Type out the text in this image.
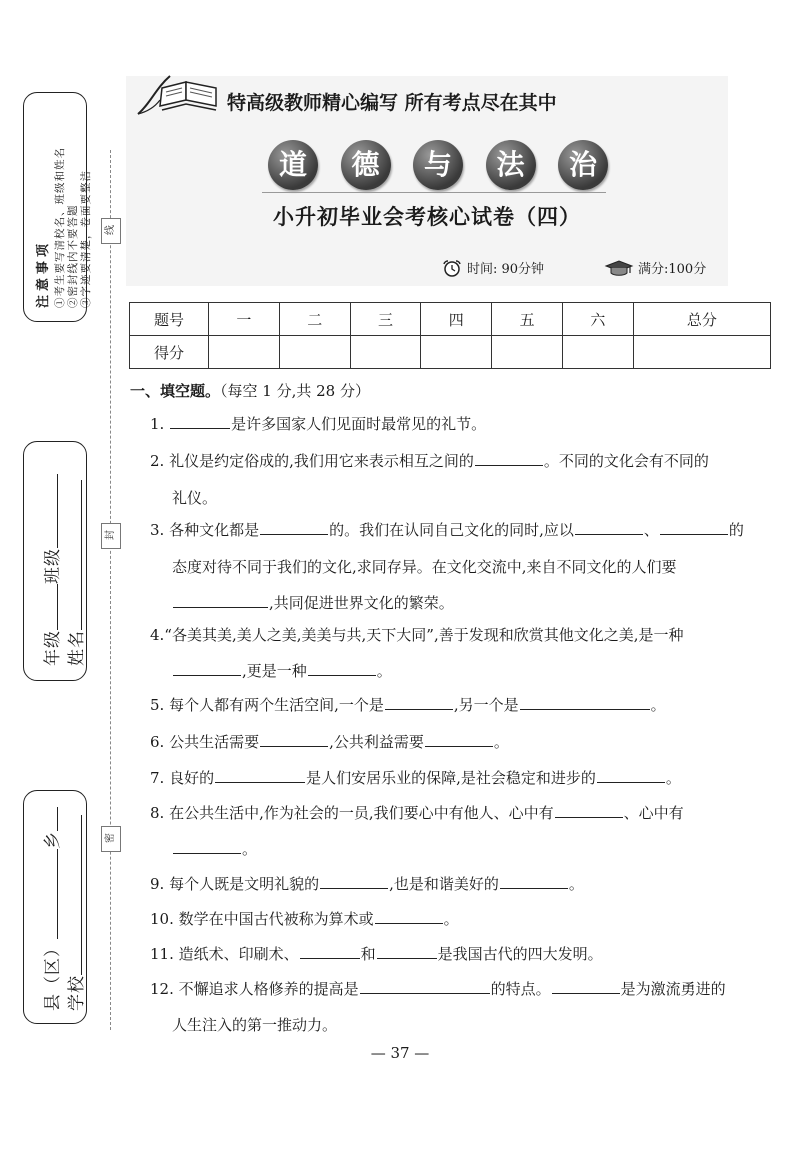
线
封
密
注意事项 ①考生要写清校名、班级和姓名 ②密封线内不要答题 ③字迹要清楚，卷面要整洁
年级班级
姓名
县（区）乡
学校
特高级教师精心编写 所有考点尽在其中
道	德	与	法	治
小升初毕业会考核心试卷（四）
时间: 90分钟	满分:100分
题号	一	二	三	四	五	六	总分
得分							
一、填空题。（每空 1 分,共 28 分）
1.	是许多国家人们见面时最常见的礼节。
2. 礼仪是约定俗成的,我们用它来表示相互之间的	。不同的文化会有不同的
礼仪。
3. 各种文化都是	的。我们在认同自己文化的同时,应以	、	的
态度对待不同于我们的文化,求同存异。在文化交流中,来自不同文化的人们要
,共同促进世界文化的繁荣。
4.“各美其美,美人之美,美美与共,天下大同”,善于发现和欣赏其他文化之美,是一种
,更是一种	。
5. 每个人都有两个生活空间,一个是	,另一个是	。
6. 公共生活需要	,公共利益需要	。
7. 良好的	是人们安居乐业的保障,是社会稳定和进步的	。
8. 在公共生活中,作为社会的一员,我们要心中有他人、心中有	、心中有
。
9. 每个人既是文明礼貌的	,也是和谐美好的	。
10. 数学在中国古代被称为算术或	。
11. 造纸术、印刷术、	和	是我国古代的四大发明。
12. 不懈追求人格修养的提高是	的特点。	是为激流勇进的
人生注入的第一推动力。
— 37 —
